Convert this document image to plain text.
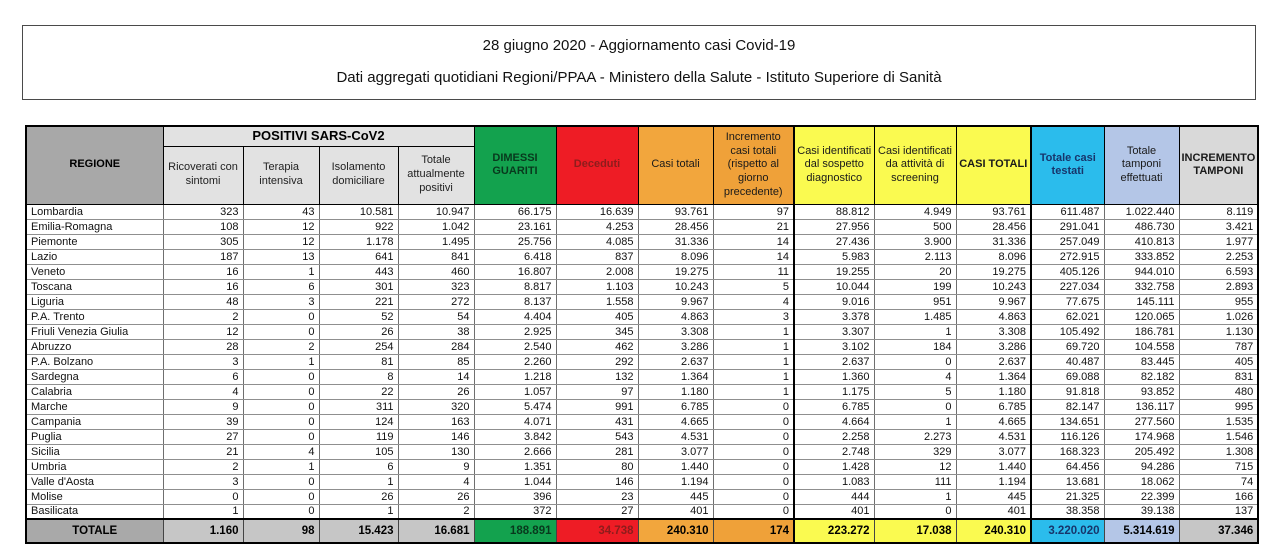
28 giugno 2020 - Aggiornamento casi Covid-19
Dati aggregati quotidiani Regioni/PPAA - Ministero della Salute - Istituto Superiore di Sanità
REGIONE	POSITIVI SARS-CoV2				DIMESSI GUARITI	Deceduti	Casi totali	Incremento casi totali (rispetto al giorno precedente)	Casi identificati dal sospetto diagnostico	Casi identificati da attività di screening	CASI TOTALI	Totale casi testati	Totale tamponi effettuati	INCREMENTO TAMPONI
	Ricoverati con sintomi	Terapia intensiva	Isolamento domiciliare	Totale attualmente positivi										
Lombardia	323	43	10.581	10.947	66.175	16.639	93.761	97	88.812	4.949	93.761	611.487	1.022.440	8.119
Emilia-Romagna	108	12	922	1.042	23.161	4.253	28.456	21	27.956	500	28.456	291.041	486.730	3.421
Piemonte	305	12	1.178	1.495	25.756	4.085	31.336	14	27.436	3.900	31.336	257.049	410.813	1.977
Lazio	187	13	641	841	6.418	837	8.096	14	5.983	2.113	8.096	272.915	333.852	2.253
Veneto	16	1	443	460	16.807	2.008	19.275	11	19.255	20	19.275	405.126	944.010	6.593
Toscana	16	6	301	323	8.817	1.103	10.243	5	10.044	199	10.243	227.034	332.758	2.893
Liguria	48	3	221	272	8.137	1.558	9.967	4	9.016	951	9.967	77.675	145.111	955
P.A. Trento	2	0	52	54	4.404	405	4.863	3	3.378	1.485	4.863	62.021	120.065	1.026
Friuli Venezia Giulia	12	0	26	38	2.925	345	3.308	1	3.307	1	3.308	105.492	186.781	1.130
Abruzzo	28	2	254	284	2.540	462	3.286	1	3.102	184	3.286	69.720	104.558	787
P.A. Bolzano	3	1	81	85	2.260	292	2.637	1	2.637	0	2.637	40.487	83.445	405
Sardegna	6	0	8	14	1.218	132	1.364	1	1.360	4	1.364	69.088	82.182	831
Calabria	4	0	22	26	1.057	97	1.180	1	1.175	5	1.180	91.818	93.852	480
Marche	9	0	311	320	5.474	991	6.785	0	6.785	0	6.785	82.147	136.117	995
Campania	39	0	124	163	4.071	431	4.665	0	4.664	1	4.665	134.651	277.560	1.535
Puglia	27	0	119	146	3.842	543	4.531	0	2.258	2.273	4.531	116.126	174.968	1.546
Sicilia	21	4	105	130	2.666	281	3.077	0	2.748	329	3.077	168.323	205.492	1.308
Umbria	2	1	6	9	1.351	80	1.440	0	1.428	12	1.440	64.456	94.286	715
Valle d'Aosta	3	0	1	4	1.044	146	1.194	0	1.083	111	1.194	13.681	18.062	74
Molise	0	0	26	26	396	23	445	0	444	1	445	21.325	22.399	166
Basilicata	1	0	1	2	372	27	401	0	401	0	401	38.358	39.138	137
TOTALE	1.160	98	15.423	16.681	188.891	34.738	240.310	174	223.272	17.038	240.310	3.220.020	5.314.619	37.346
